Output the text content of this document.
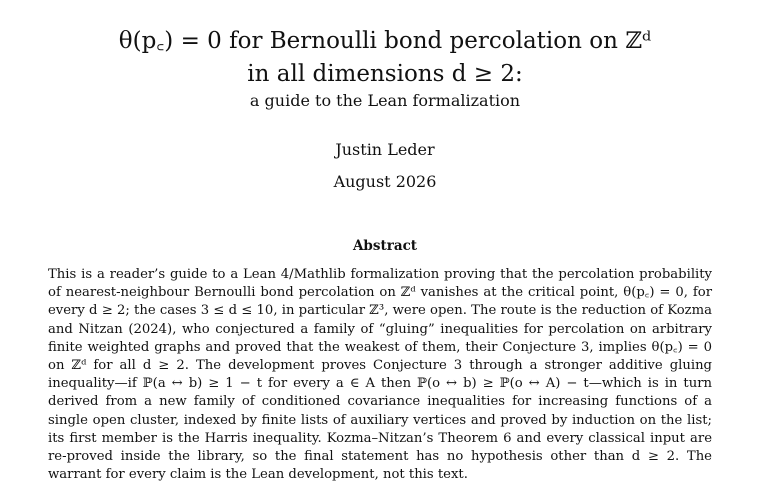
θ(p꜀) = 0 for Bernoulli bond percolation on ℤᵈ
in all dimensions d ≥ 2:
a guide to the Lean formalization
Justin Leder
August 2026
Abstract

This is a reader’s guide to a Lean 4/Mathlib formalization proving that the percolation probability of nearest-neighbour Bernoulli bond percolation on ℤᵈ vanishes at the critical point, θ(p꜀) = 0, for every d ≥ 2; the cases 3 ≤ d ≤ 10, in particular ℤ³, were open. The route is the reduction of Kozma and Nitzan (2024), who conjectured a family of “gluing” inequalities for percolation on arbitrary finite weighted graphs and proved that the weakest of them, their Conjecture 3, implies θ(p꜀) = 0 on ℤᵈ for all d ≥ 2. The development proves Conjecture 3 through a stronger additive gluing inequality—if ℙ(a ↔ b) ≥ 1 − t for every a ∈ A then ℙ(o ↔ b) ≥ ℙ(o ↔ A) − t—which is in turn derived from a new family of conditioned covariance inequalities for increasing functions of a single open cluster, indexed by finite lists of auxiliary vertices and proved by induction on the list; its first member is the Harris inequality. Kozma–Nitzan’s Theorem 6 and every classical input are re-proved inside the library, so the final statement has no hypothesis other than d ≥ 2. The warrant for every claim is the Lean development, not this text.
